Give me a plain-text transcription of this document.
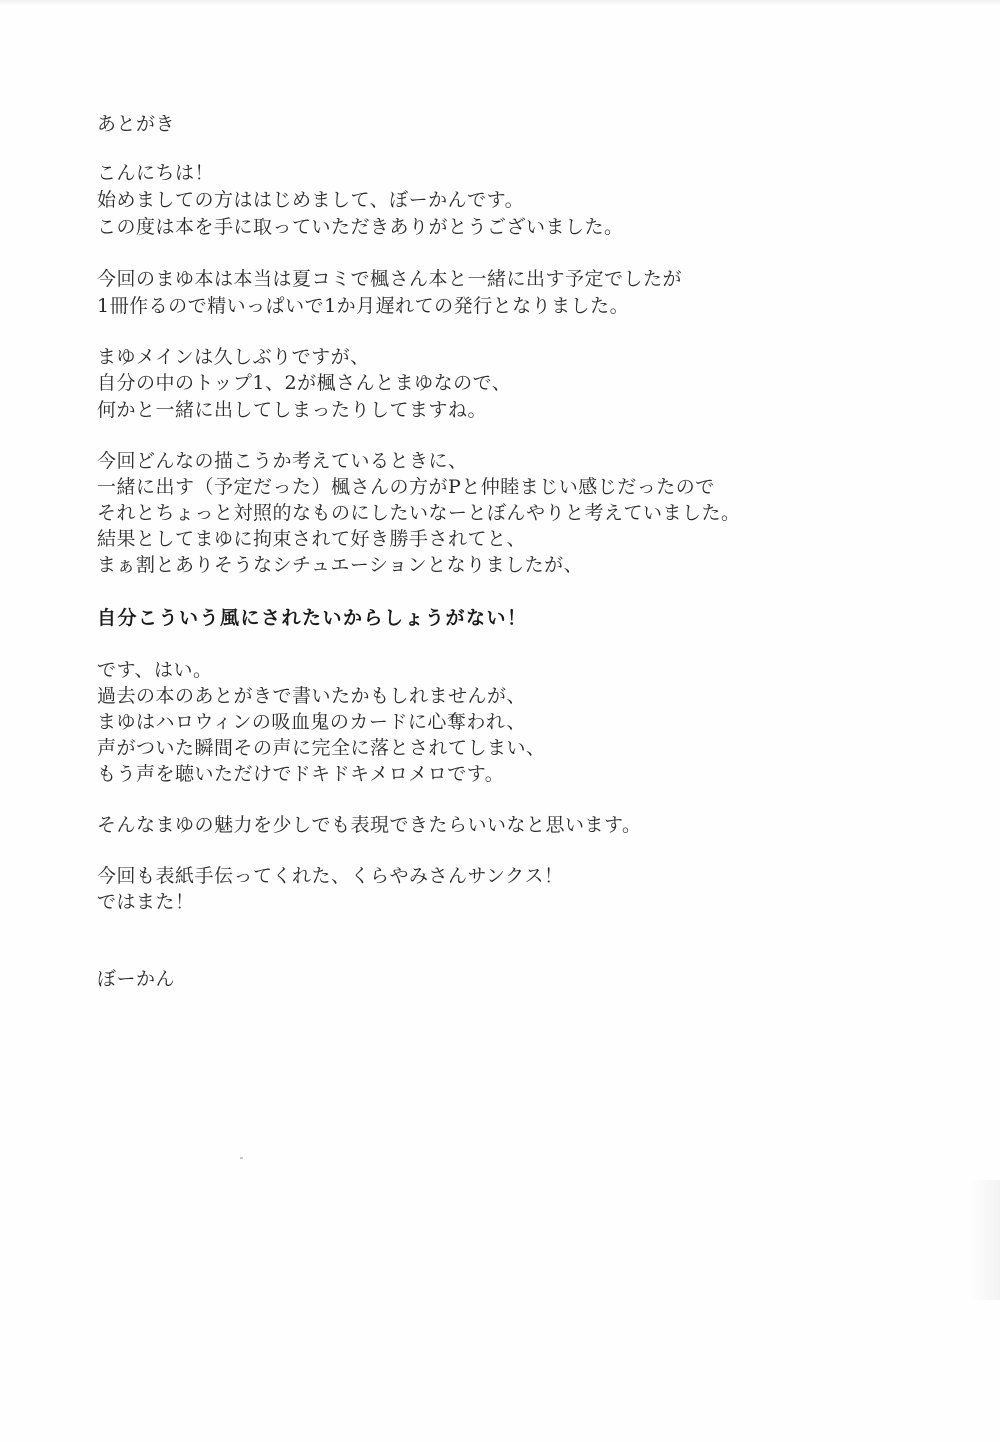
あとがき
こんにちは！
始めましての方ははじめまして、ぼーかんです。
この度は本を手に取っていただきありがとうございました。
今回のまゆ本は本当は夏コミで楓さん本と一緒に出す予定でしたが
1冊作るので精いっぱいで1か月遅れての発行となりました。
まゆメインは久しぶりですが、
自分の中のトップ1、2が楓さんとまゆなので、
何かと一緒に出してしまったりしてますね。
今回どんなの描こうか考えているときに、
一緒に出す（予定だった）楓さんの方がPと仲睦まじい感じだったので
それとちょっと対照的なものにしたいなーとぼんやりと考えていました。
結果としてまゆに拘束されて好き勝手されてと、
まぁ割とありそうなシチュエーションとなりましたが、
自分こういう風にされたいからしょうがない！
です、はい。
過去の本のあとがきで書いたかもしれませんが、
まゆはハロウィンの吸血鬼のカードに心奪われ、
声がついた瞬間その声に完全に落とされてしまい、
もう声を聴いただけでドキドキメロメロです。
そんなまゆの魅力を少しでも表現できたらいいなと思います。
今回も表紙手伝ってくれた、くらやみさんサンクス！
ではまた！
ぼーかん
